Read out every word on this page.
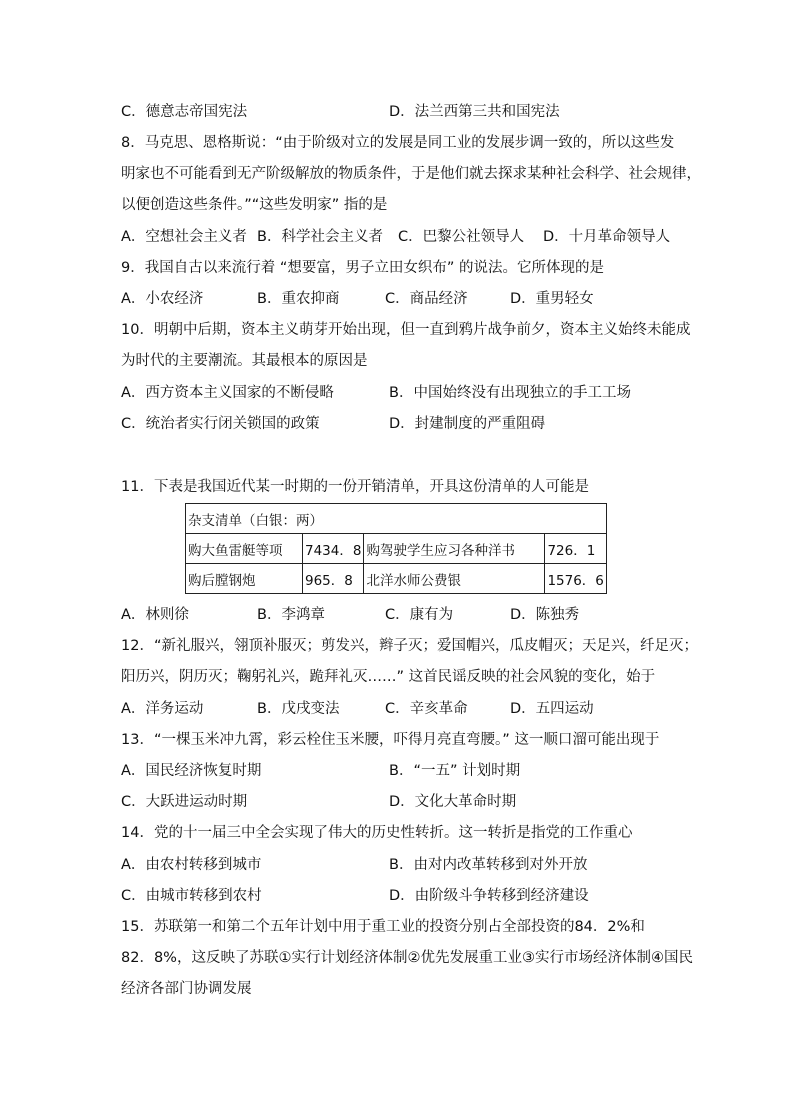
C．德意志帝国宪法	D．法兰西第三共和国宪法
8．马克思、恩格斯说：“由于阶级对立的发展是同工业的发展步调一致的，所以这些发
明家也不可能看到无产阶级解放的物质条件，于是他们就去探求某种社会科学、社会规律，
以便创造这些条件。”“这些发明家” 指的是
A．空想社会主义者 B．科学社会主义者 C．巴黎公社领导人 D．十月革命领导人
9．我国自古以来流行着 “想要富，男子立田女织布” 的说法。它所体现的是
A．小农经济	B．重农抑商	C．商品经济	D．重男轻女
10．明朝中后期，资本主义萌芽开始出现，但一直到鸦片战争前夕，资本主义始终未能成
为时代的主要潮流。其最根本的原因是
A．西方资本主义国家的不断侵略	B．中国始终没有出现独立的手工工场
C．统治者实行闭关锁国的政策	D．封建制度的严重阻碍
11．下表是我国近代某一时期的一份开销清单，开具这份清单的人可能是
杂支清单（白银：两）			
购大鱼雷艇等项	7434．8	购驾驶学生应习各种洋书	726．1
购后膛钢炮	965．8	北洋水师公费银	1576．6
A．林则徐	B．李鸿章	C．康有为	D．陈独秀
12．“新礼服兴，翎顶补服灭；剪发兴，辫子灭；爱国帽兴，瓜皮帽灭；天足兴，纤足灭；
阳历兴，阴历灭；鞠躬礼兴，跪拜礼灭……” 这首民谣反映的社会风貌的变化，始于
A．洋务运动	B．戊戌变法	C．辛亥革命	D．五四运动
13．“一棵玉米冲九霄，彩云栓住玉米腰，吓得月亮直弯腰。” 这一顺口溜可能出现于
A．国民经济恢复时期	B．“一五” 计划时期
C．大跃进运动时期	D．文化大革命时期
14．党的十一届三中全会实现了伟大的历史性转折。这一转折是指党的工作重心
A．由农村转移到城市	B．由对内改革转移到对外开放
C．由城市转移到农村	D．由阶级斗争转移到经济建设
15．苏联第一和第二个五年计划中用于重工业的投资分别占全部投资的84．2%和
82．8%，这反映了苏联①实行计划经济体制②优先发展重工业③实行市场经济体制④国民
经济各部门协调发展
